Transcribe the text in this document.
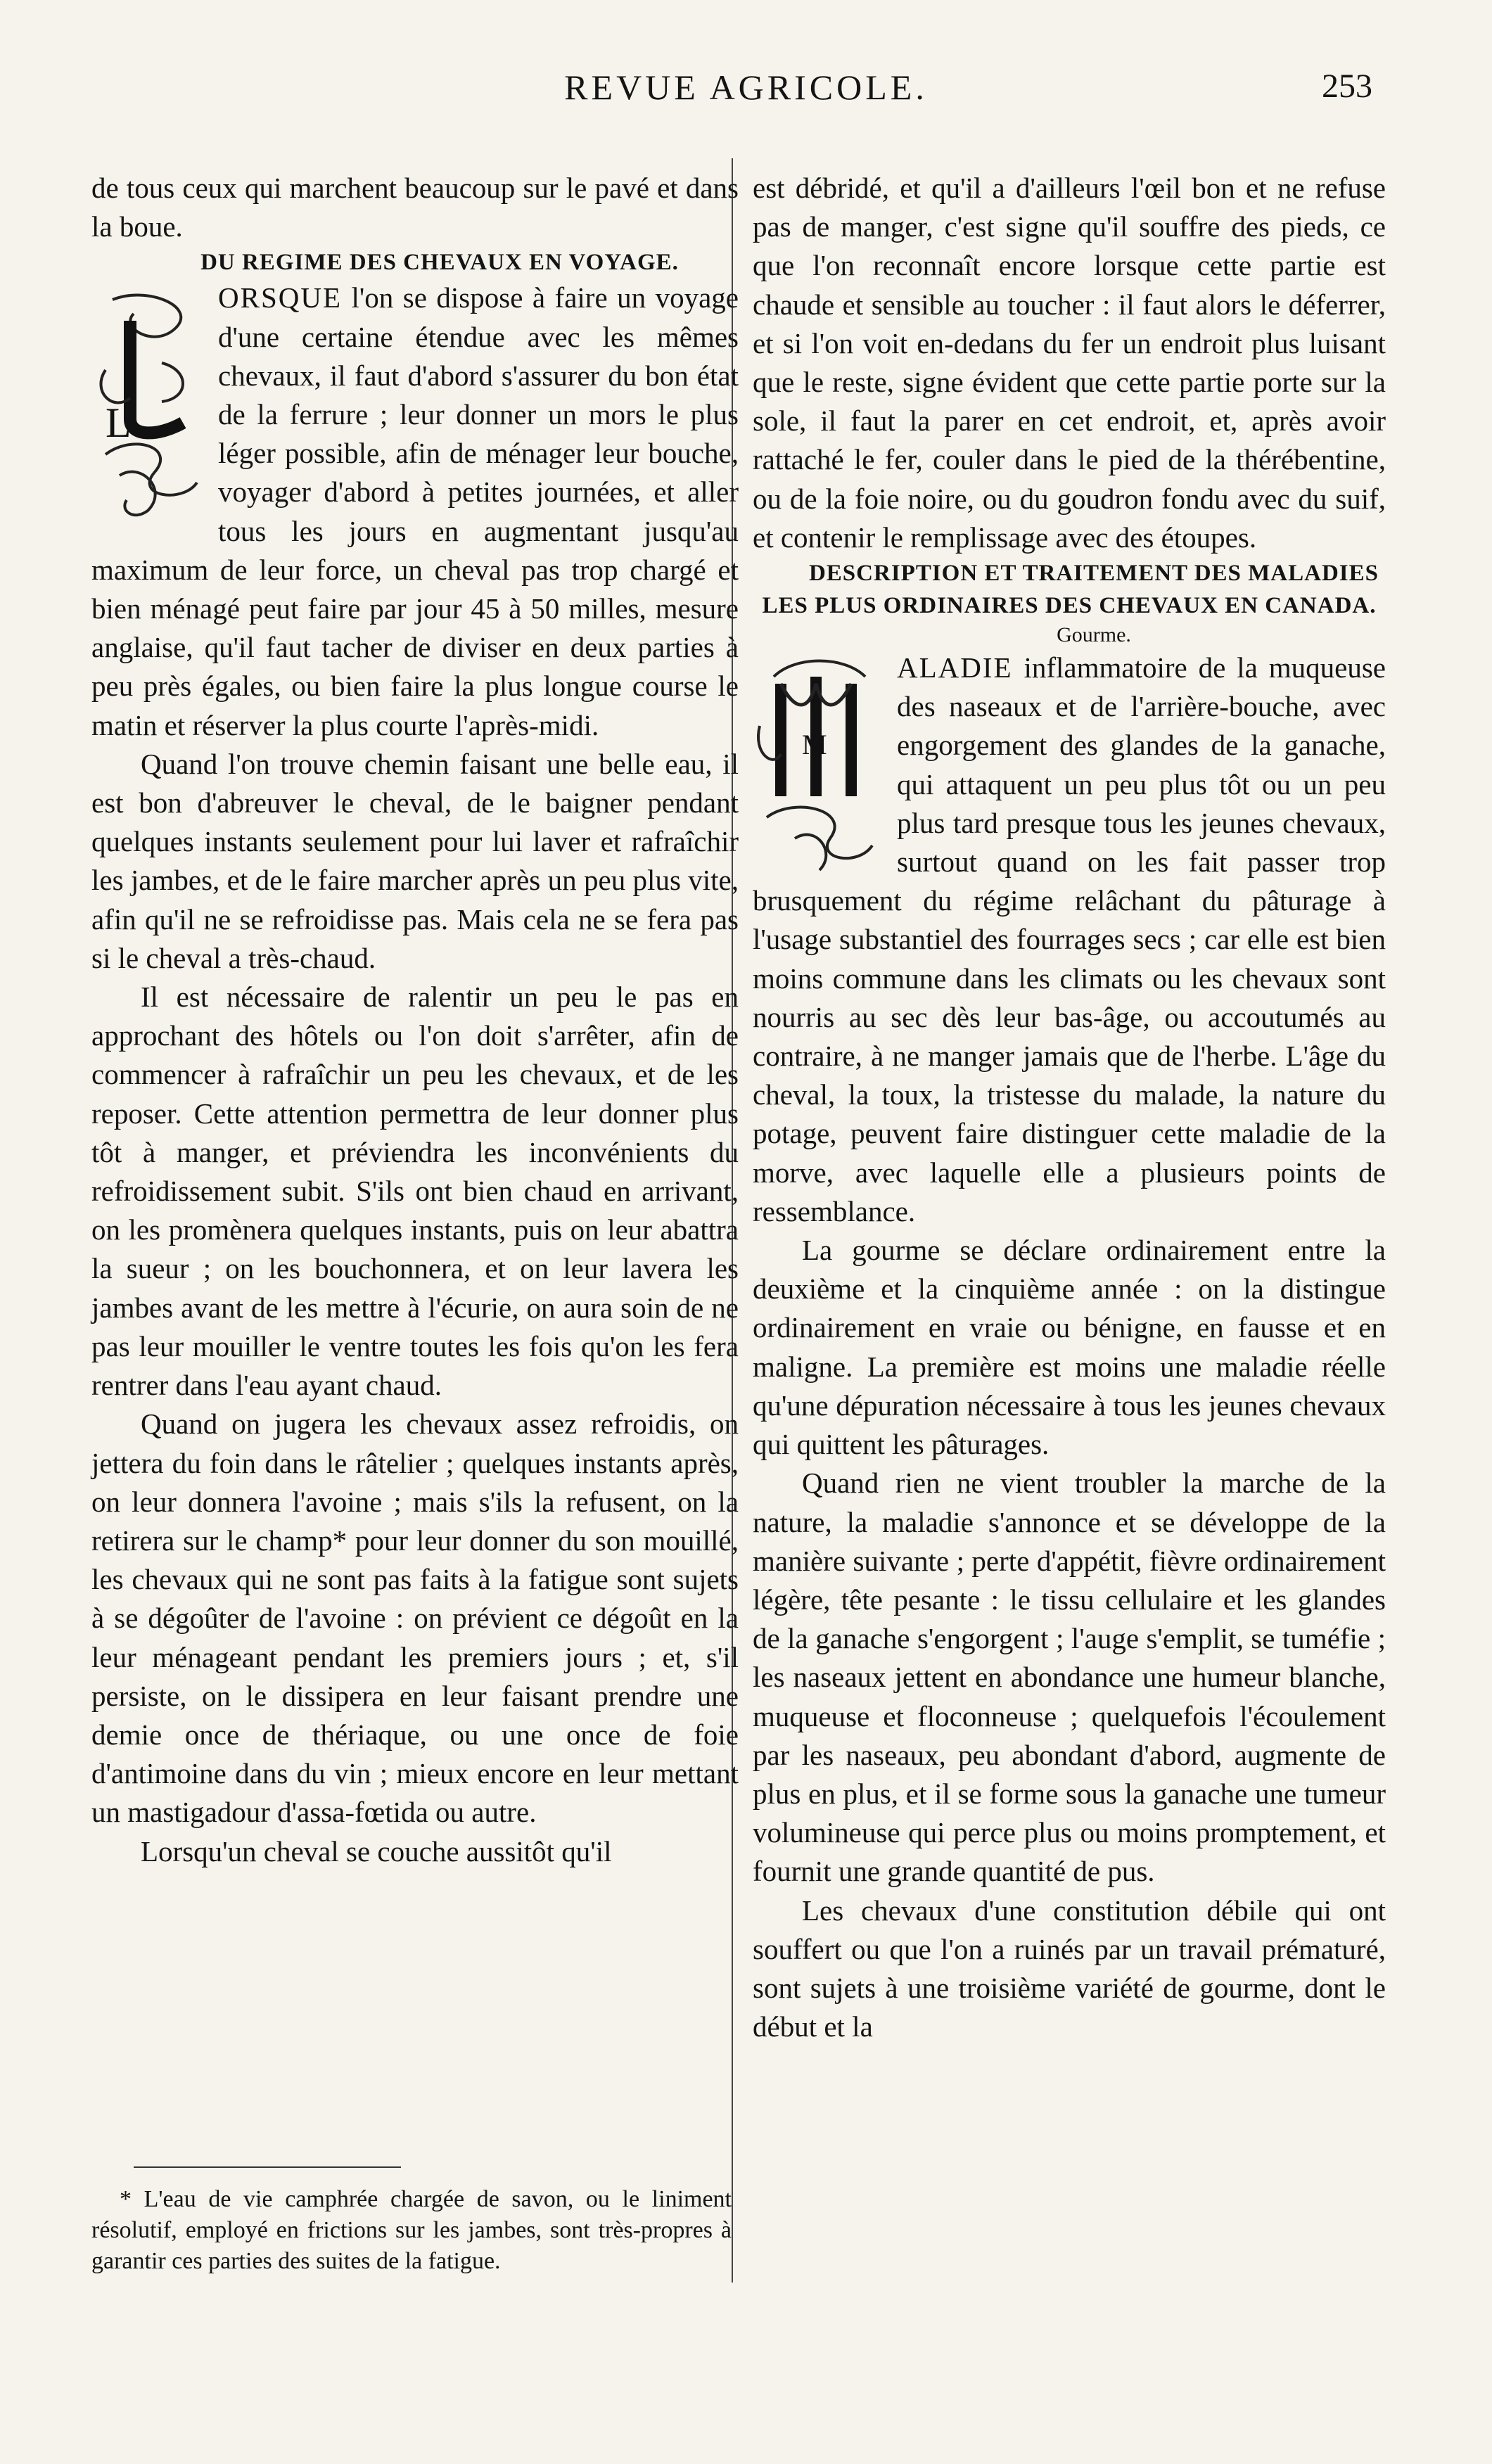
REVUE AGRICOLE.	253

de tous ceux qui marchent beaucoup sur le pavé et dans la boue.

DU REGIME DES CHEVAUX EN VOYAGE.

L

ORSQUE l'on se dispose à faire un voyage d'une certaine étendue avec les mêmes chevaux, il faut d'abord s'assurer du bon état de la ferrure ; leur donner un mors le plus léger possible, afin de ménager leur bouche, voyager d'abord à petites journées, et aller tous les jours en augmentant jusqu'au maximum de leur force, un cheval pas trop chargé et bien ménagé peut faire par jour 45 à 50 milles, mesure anglaise, qu'il faut tacher de diviser en deux parties à peu près égales, ou bien faire la plus longue course le matin et réserver la plus courte l'après-midi.

Quand l'on trouve chemin faisant une belle eau, il est bon d'abreuver le cheval, de le baigner pendant quelques instants seulement pour lui laver et rafraîchir les jambes, et de le faire marcher après un peu plus vite, afin qu'il ne se refroidisse pas. Mais cela ne se fera pas si le cheval a très-chaud.

Il est nécessaire de ralentir un peu le pas en approchant des hôtels ou l'on doit s'arrêter, afin de commencer à rafraîchir un peu les chevaux, et de les reposer. Cette attention permettra de leur donner plus tôt à manger, et préviendra les inconvénients du refroidissement subit. S'ils ont bien chaud en arrivant, on les promènera quelques instants, puis on leur abattra la sueur ; on les bouchonnera, et on leur lavera les jambes avant de les mettre à l'écurie, on aura soin de ne pas leur mouiller le ventre toutes les fois qu'on les fera rentrer dans l'eau ayant chaud.

Quand on jugera les chevaux assez refroidis, on jettera du foin dans le râtelier ; quelques instants après, on leur donnera l'avoine ; mais s'ils la refusent, on la retirera sur le champ* pour leur donner du son mouillé, les chevaux qui ne sont pas faits à la fatigue sont sujets à se dégoûter de l'avoine : on prévient ce dégoût en la leur ménageant pendant les premiers jours ; et, s'il persiste, on le dissipera en leur faisant prendre une demie once de thériaque, ou une once de foie d'antimoine dans du vin ; mieux encore en leur mettant un mastigadour d'assa-fœtida ou autre.

Lorsqu'un cheval se couche aussitôt qu'il

* L'eau de vie camphrée chargée de savon, ou le liniment résolutif, employé en frictions sur les jambes, sont très-propres à garantir ces parties des suites de la fatigue.

est débridé, et qu'il a d'ailleurs l'œil bon et ne refuse pas de manger, c'est signe qu'il souffre des pieds, ce que l'on reconnaît encore lorsque cette partie est chaude et sensible au toucher : il faut alors le déferrer, et si l'on voit en-dedans du fer un endroit plus luisant que le reste, signe évident que cette partie porte sur la sole, il faut la parer en cet endroit, et, après avoir rattaché le fer, couler dans le pied de la thérébentine, ou de la foie noire, ou du goudron fondu avec du suif, et contenir le remplissage avec des étoupes.

DESCRIPTION ET TRAITEMENT DES MALADIES LES PLUS ORDINAIRES DES CHEVAUX EN CANADA.

Gourme.

M

ALADIE inflammatoire de la muqueuse des naseaux et de l'arrière-bouche, avec engorgement des glandes de la ganache, qui attaquent un peu plus tôt ou un peu plus tard presque tous les jeunes chevaux, surtout quand on les fait passer trop brusquement du régime relâchant du pâturage à l'usage substantiel des fourrages secs ; car elle est bien moins commune dans les climats ou les chevaux sont nourris au sec dès leur bas-âge, ou accoutumés au contraire, à ne manger jamais que de l'herbe. L'âge du cheval, la toux, la tristesse du malade, la nature du potage, peuvent faire distinguer cette maladie de la morve, avec laquelle elle a plusieurs points de ressemblance.

La gourme se déclare ordinairement entre la deuxième et la cinquième année : on la distingue ordinairement en vraie ou bénigne, en fausse et en maligne. La première est moins une maladie réelle qu'une dépuration nécessaire à tous les jeunes chevaux qui quittent les pâturages.

Quand rien ne vient troubler la marche de la nature, la maladie s'annonce et se développe de la manière suivante ; perte d'appétit, fièvre ordinairement légère, tête pesante : le tissu cellulaire et les glandes de la ganache s'engorgent ; l'auge s'emplit, se tuméfie ; les naseaux jettent en abondance une humeur blanche, muqueuse et floconneuse ; quelquefois l'écoulement par les naseaux, peu abondant d'abord, augmente de plus en plus, et il se forme sous la ganache une tumeur volumineuse qui perce plus ou moins promptement, et fournit une grande quantité de pus.

Les chevaux d'une constitution débile qui ont souffert ou que l'on a ruinés par un travail prématuré, sont sujets à une troisième variété de gourme, dont le début et la
